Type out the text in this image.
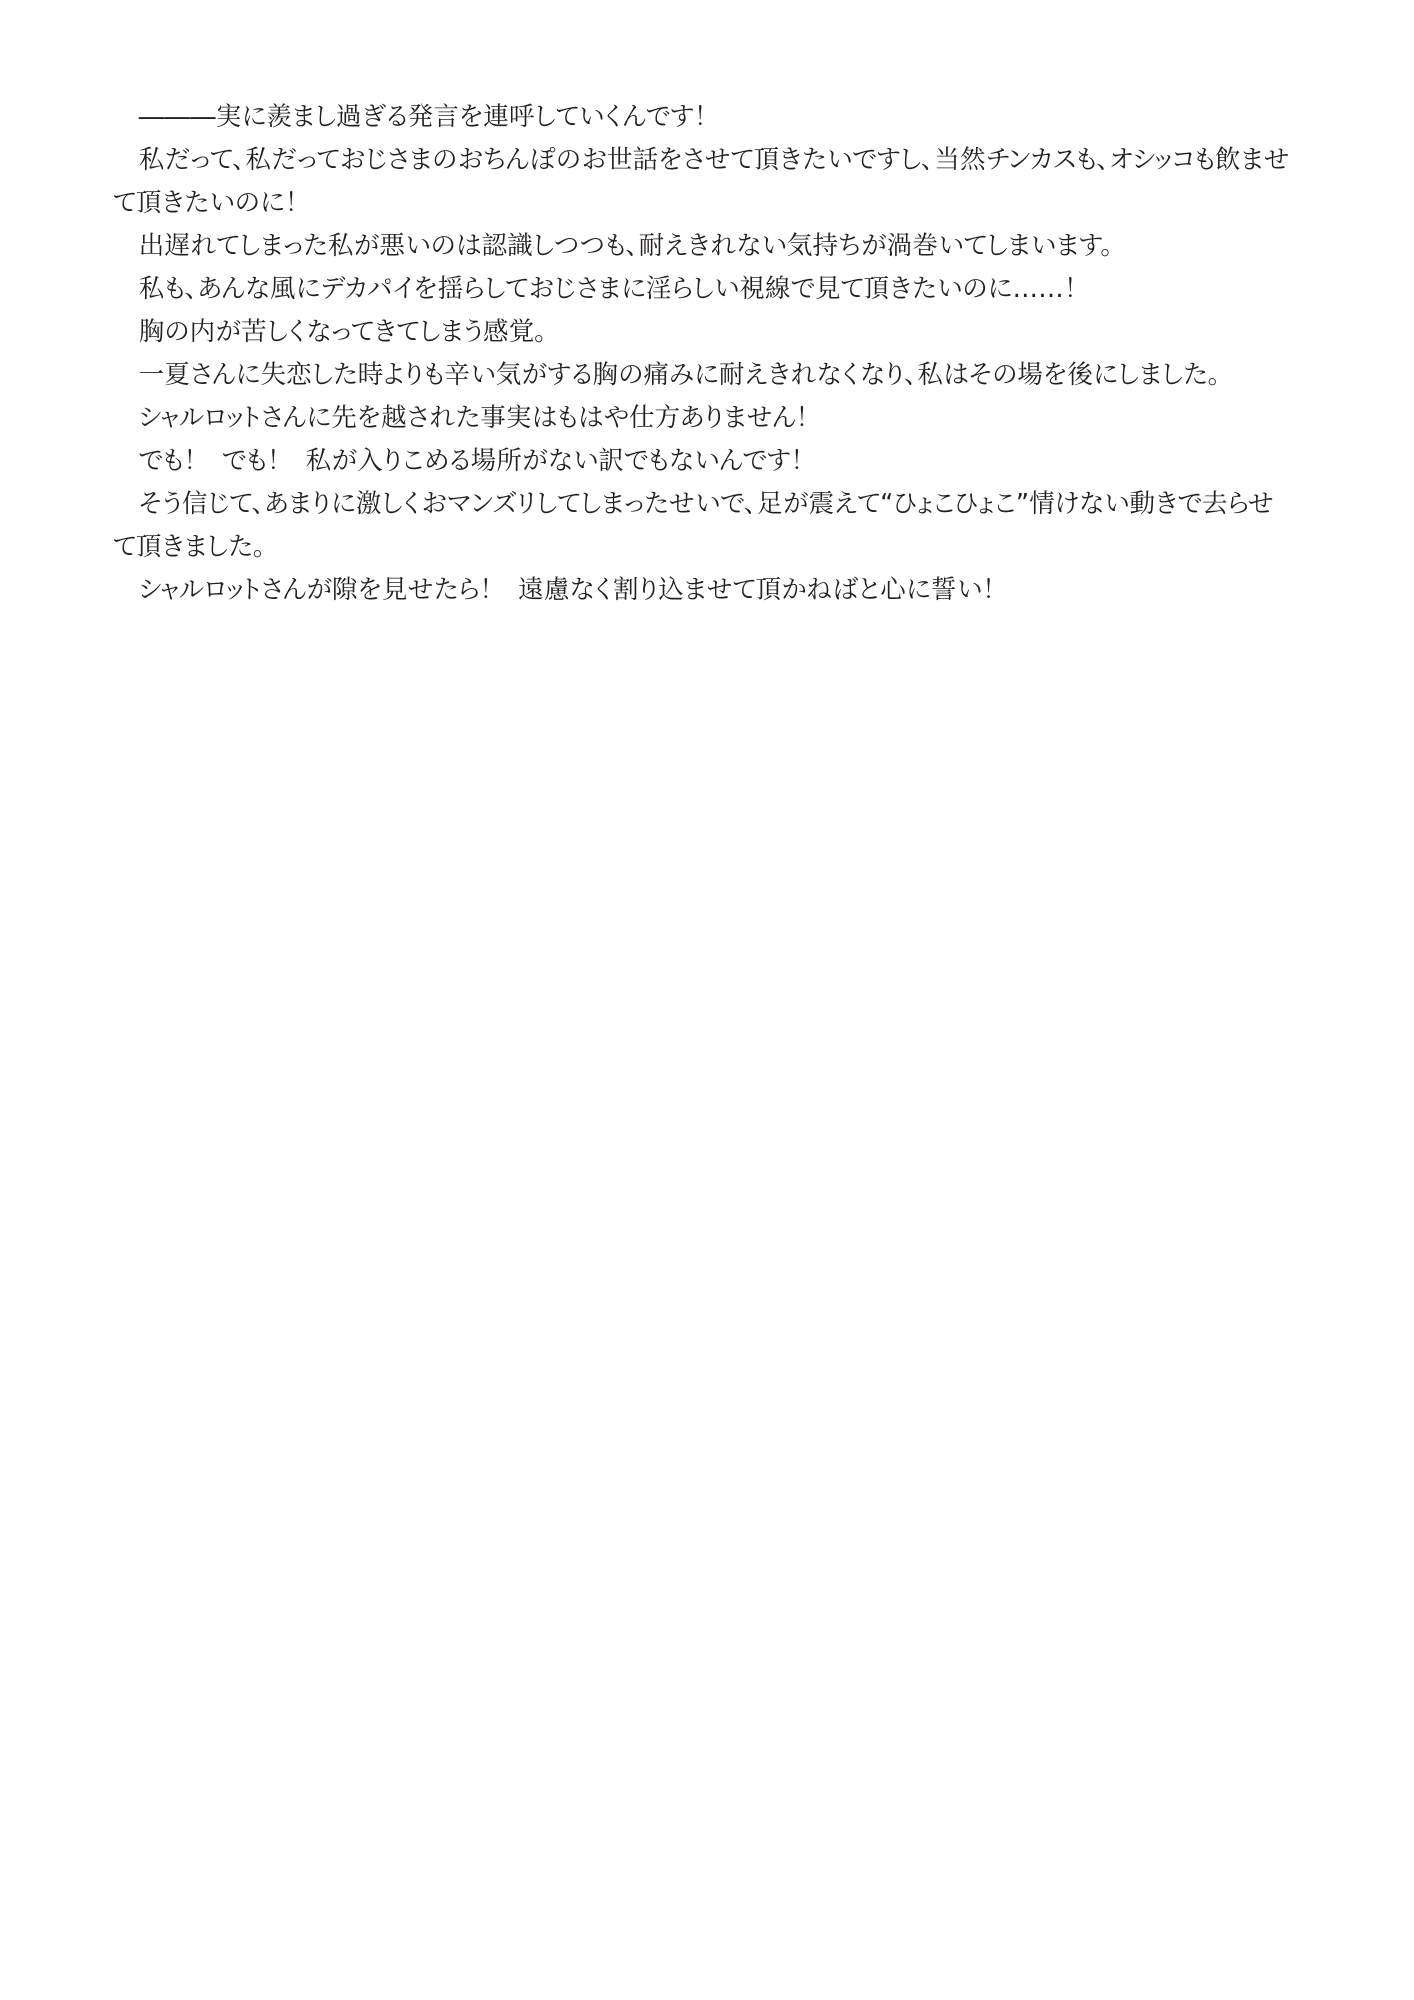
　―――実に羨まし過ぎる発言を連呼していくんです！

　私だって、私だっておじさまのおちんぽのお世話をさせて頂きたいですし、当然チンカスも、オシッコも飲ませて頂きたいのに！

　出遅れてしまった私が悪いのは認識しつつも、耐えきれない気持ちが渦巻いてしまいます。

　私も、あんな風にデカパイを揺らしておじさまに淫らしい視線で見て頂きたいのに……！

　胸の内が苦しくなってきてしまう感覚。

　一夏さんに失恋した時よりも辛い気がする胸の痛みに耐えきれなくなり、私はその場を後にしました。

　シャルロットさんに先を越された事実はもはや仕方ありません！

　でも！　でも！　私が入りこめる場所がない訳でもないんです！

　そう信じて、あまりに激しくおマンズリしてしまったせいで、足が震えて“ひょこひょこ”情けない動きで去らせて頂きました。

　シャルロットさんが隙を見せたら！　遠慮なく割り込ませて頂かねばと心に誓い！
